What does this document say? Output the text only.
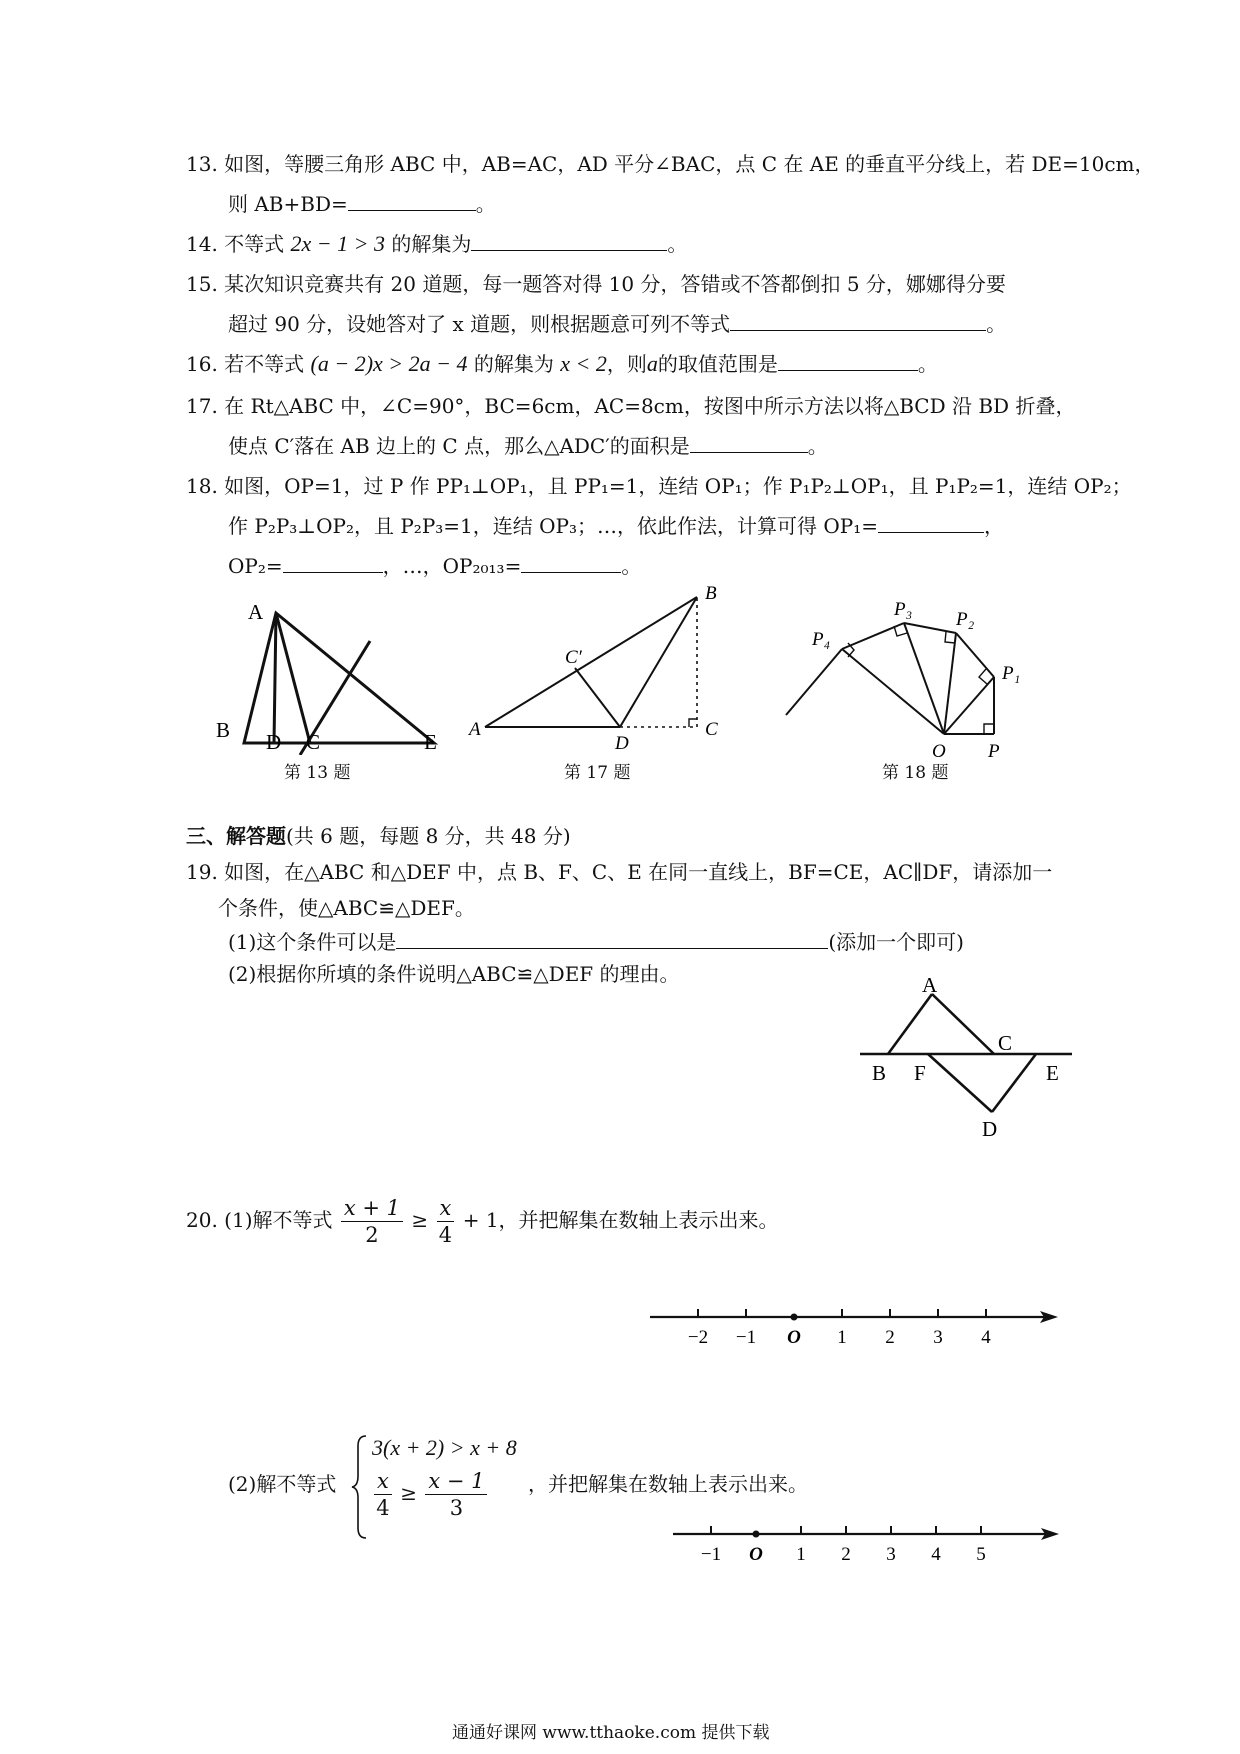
13. 如图，等腰三角形 ABC 中，AB=AC，AD 平分∠BAC，点 C 在 AE 的垂直平分线上，若 DE=10cm，
则 AB+BD=	。
14. 不等式 2x − 1 > 3 的解集为	。
15. 某次知识竞赛共有 20 道题，每一题答对得 10 分，答错或不答都倒扣 5 分，娜娜得分要
超过 90 分，设她答对了 x 道题，则根据题意可列不等式	。
16. 若不等式 (a − 2)x > 2a − 4 的解集为 x < 2，则a的取值范围是	。
17. 在 Rt△ABC 中，∠C=90°，BC=6cm，AC=8cm，按图中所示方法以将△BCD 沿 BD 折叠，
使点 C′落在 AB 边上的 C 点，那么△ADC′的面积是	。
18. 如图，OP=1，过 P 作 PP₁⊥OP₁，且 PP₁=1，连结 OP₁；作 P₁P₂⊥OP₁，且 P₁P₂=1，连结 OP₂；
作 P₂P₃⊥OP₂，且 P₂P₃=1，连结 OP₃；…，依此作法，计算可得 OP₁=	，
OP₂=	，…，OP₂₀₁₃=	。
A
B D C	E
第 13 题
B
C′
A
D
C
第 17 题
P₃ P₂
P₄
P₁
O P
第 18 题
三、解答题(共 6 题，每题 8 分，共 48 分)
19. 如图，在△ABC 和△DEF 中，点 B、F、C、E 在同一直线上，BF=CE，AC∥DF，请添加一
个条件，使△ABC≌△DEF。
(1)这个条件可以是	(添加一个即可)
(2)根据你所填的条件说明△ABC≌△DEF 的理由。	A
C
B F	E
D
20. (1)解不等式 $\frac{x + 1}{2} \ge \frac{x}{4} + 1$，并把解集在数轴上表示出来。
−2 −1 O 1 2 3 4
(2)解不等式
3(x + 2) > x + 8
$\frac{x}{4} \ge \frac{x - 1}{3}$ ，并把解集在数轴上表示出来。
−1 O 1 2 3 4 5
通通好课网 www.tthaoke.com 提供下载
